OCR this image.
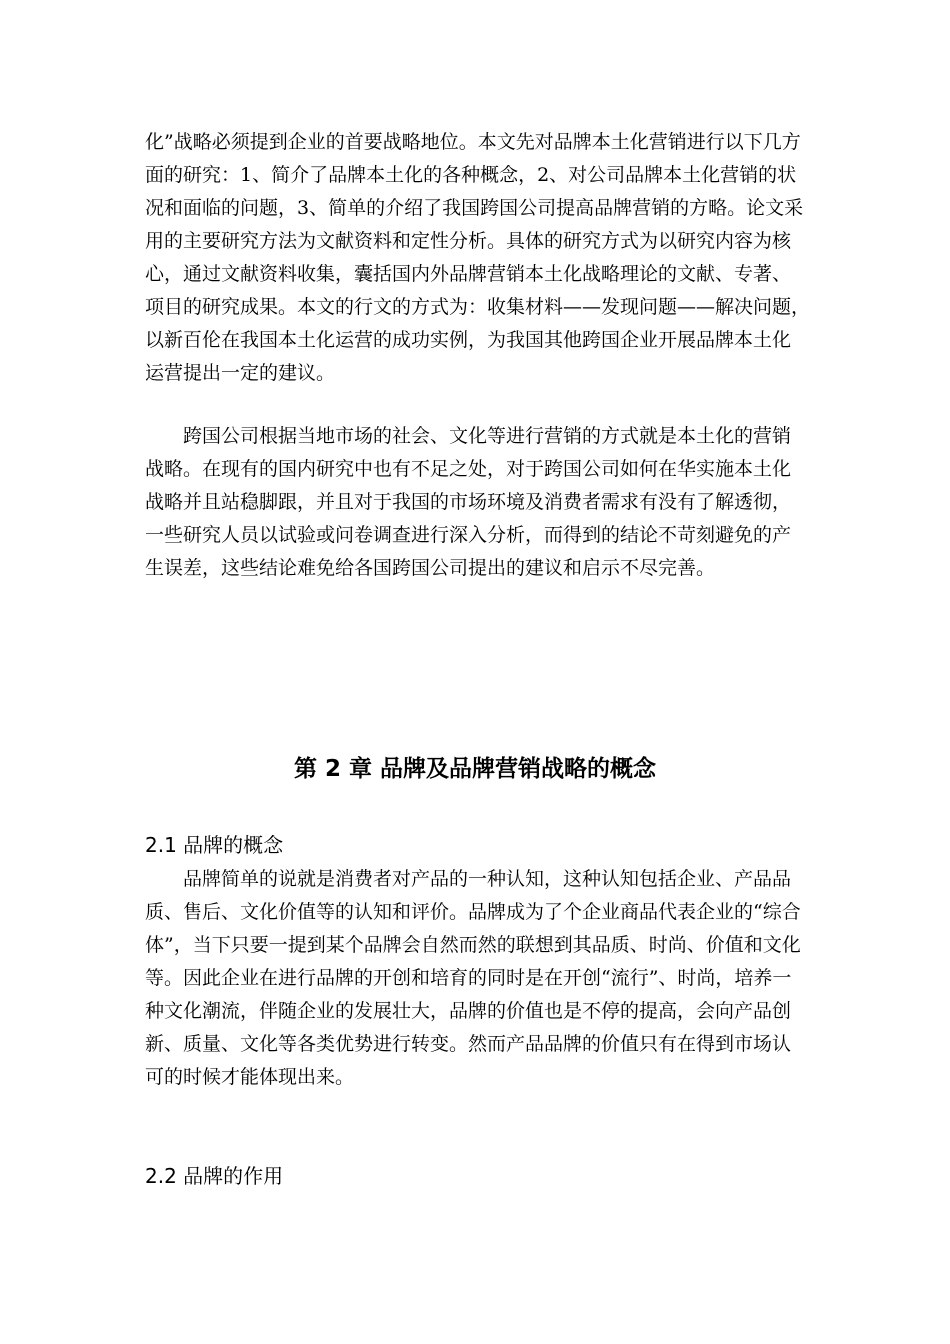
化”战略必须提到企业的首要战略地位。本文先对品牌本土化营销进行以下几方
面的研究：1、简介了品牌本土化的各种概念，2、对公司品牌本土化营销的状
况和面临的问题，3、简单的介绍了我国跨国公司提高品牌营销的方略。论文采
用的主要研究方法为文献资料和定性分析。具体的研究方式为以研究内容为核
心，通过文献资料收集，囊括国内外品牌营销本土化战略理论的文献、专著、
项目的研究成果。本文的行文的方式为：收集材料——发现问题——解决问题，
以新百伦在我国本土化运营的成功实例，为我国其他跨国企业开展品牌本土化
运营提出一定的建议。
跨国公司根据当地市场的社会、文化等进行营销的方式就是本土化的营销
战略。在现有的国内研究中也有不足之处，对于跨国公司如何在华实施本土化
战略并且站稳脚跟，并且对于我国的市场环境及消费者需求有没有了解透彻，
一些研究人员以试验或问卷调查进行深入分析，而得到的结论不苛刻避免的产
生误差，这些结论难免给各国跨国公司提出的建议和启示不尽完善。
第 2 章 品牌及品牌营销战略的概念
2.1 品牌的概念
品牌简单的说就是消费者对产品的一种认知，这种认知包括企业、产品品
质、售后、文化价值等的认知和评价。品牌成为了个企业商品代表企业的“综合
体”，当下只要一提到某个品牌会自然而然的联想到其品质、时尚、价值和文化
等。因此企业在进行品牌的开创和培育的同时是在开创“流行”、时尚，培养一
种文化潮流，伴随企业的发展壮大，品牌的价值也是不停的提高，会向产品创
新、质量、文化等各类优势进行转变。然而产品品牌的价值只有在得到市场认
可的时候才能体现出来。
2.2 品牌的作用
